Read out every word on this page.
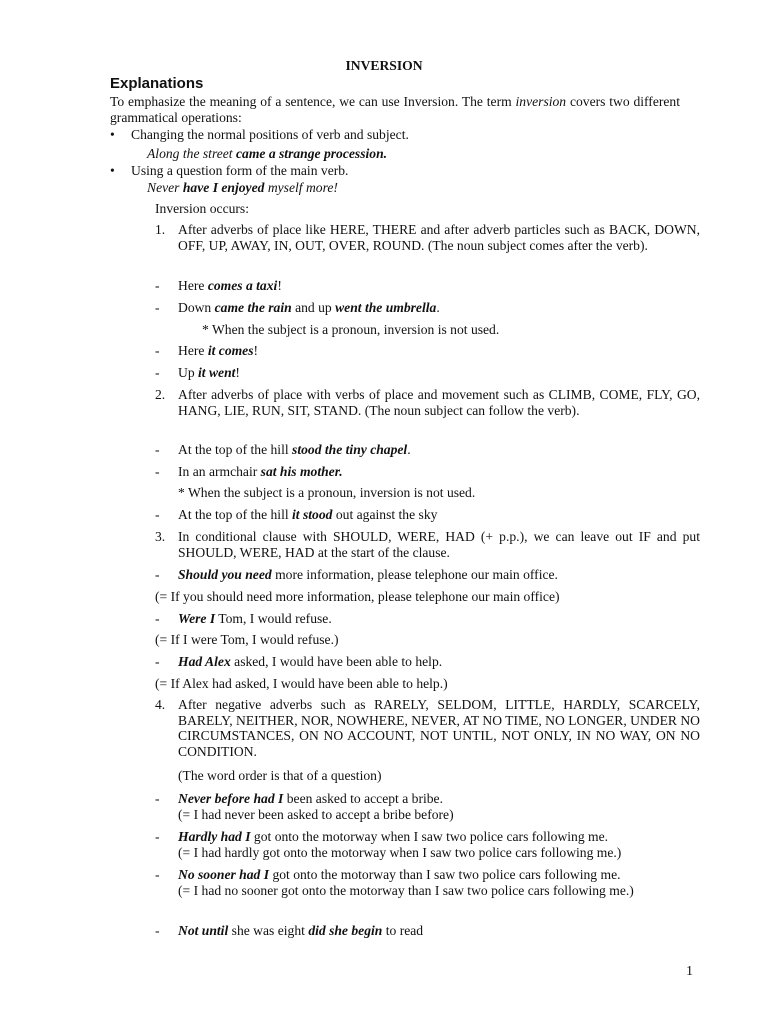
INVERSION
Explanations
To emphasize the meaning of a sentence, we can use Inversion. The term inversion covers two different grammatical operations:
• Changing the normal positions of verb and subject.
Along the street came a strange procession.
• Using a question form of the main verb.
Never have I enjoyed myself more!
Inversion occurs:
1. After adverbs of place like HERE, THERE and after adverb particles such as BACK, DOWN, OFF, UP, AWAY, IN, OUT, OVER, ROUND. (The noun subject comes after the verb).
- Here comes a taxi!
- Down came the rain and up went the umbrella.
* When the subject is a pronoun, inversion is not used.
- Here it comes!
- Up it went!
2. After adverbs of place with verbs of place and movement such as CLIMB, COME, FLY, GO, HANG, LIE, RUN, SIT, STAND. (The noun subject can follow the verb).
- At the top of the hill stood the tiny chapel.
- In an armchair sat his mother.
* When the subject is a pronoun, inversion is not used.
- At the top of the hill it stood out against the sky
3. In conditional clause with SHOULD, WERE, HAD (+ p.p.), we can leave out IF and put SHOULD, WERE, HAD at the start of the clause.
- Should you need more information, please telephone our main office.
(= If you should need more information, please telephone our main office)
- Were I Tom, I would refuse.
(= If I were Tom, I would refuse.)
- Had Alex asked, I would have been able to help.
(= If Alex had asked, I would have been able to help.)
4. After negative adverbs such as RARELY, SELDOM, LITTLE, HARDLY, SCARCELY, BARELY, NEITHER, NOR, NOWHERE, NEVER, AT NO TIME, NO LONGER, UNDER NO CIRCUMSTANCES, ON NO ACCOUNT, NOT UNTIL, NOT ONLY, IN NO WAY, ON NO CONDITION.
(The word order is that of a question)
- Never before had I been asked to accept a bribe.
(= I had never been asked to accept a bribe before)
- Hardly had I got onto the motorway when I saw two police cars following me.
(= I had hardly got onto the motorway when I saw two police cars following me.)
- No sooner had I got onto the motorway than I saw two police cars following me.
(= I had no sooner got onto the motorway than I saw two police cars following me.)
- Not until she was eight did she begin to read
1
